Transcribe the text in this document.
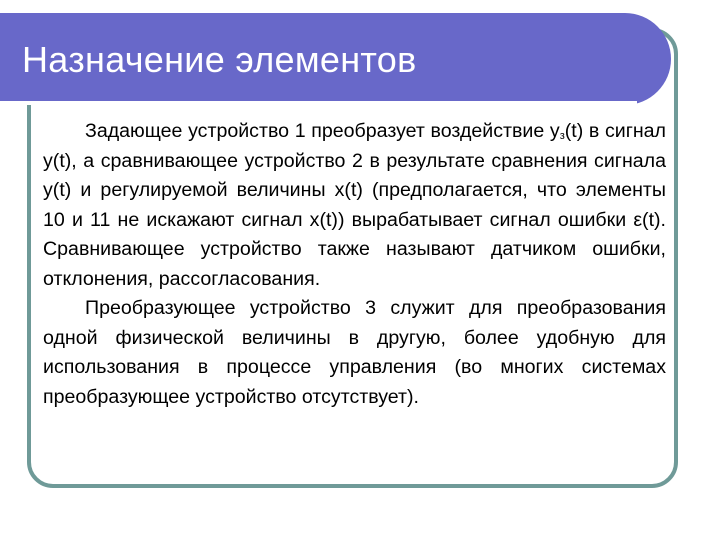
Назначение элементов

Задающее устройство 1 преобразует воздействие $у_з(t)$ в сигнал у(t), а сравнивающее устройство 2 в результате сравнения сигнала у(t) и регулируемой величины х(t) (предполагается, что элементы 10 и 11 не искажают сигнал х(t)) вырабатывает сигнал ошибки ε(t). Сравнивающее устройство также называют датчиком ошибки, отклонения, рассогласования.

Преобразующее устройство 3 служит для преобразования одной физической величины в другую, более удобную для использования в процессе управления (во многих системах преобразующее устройство отсутствует).
